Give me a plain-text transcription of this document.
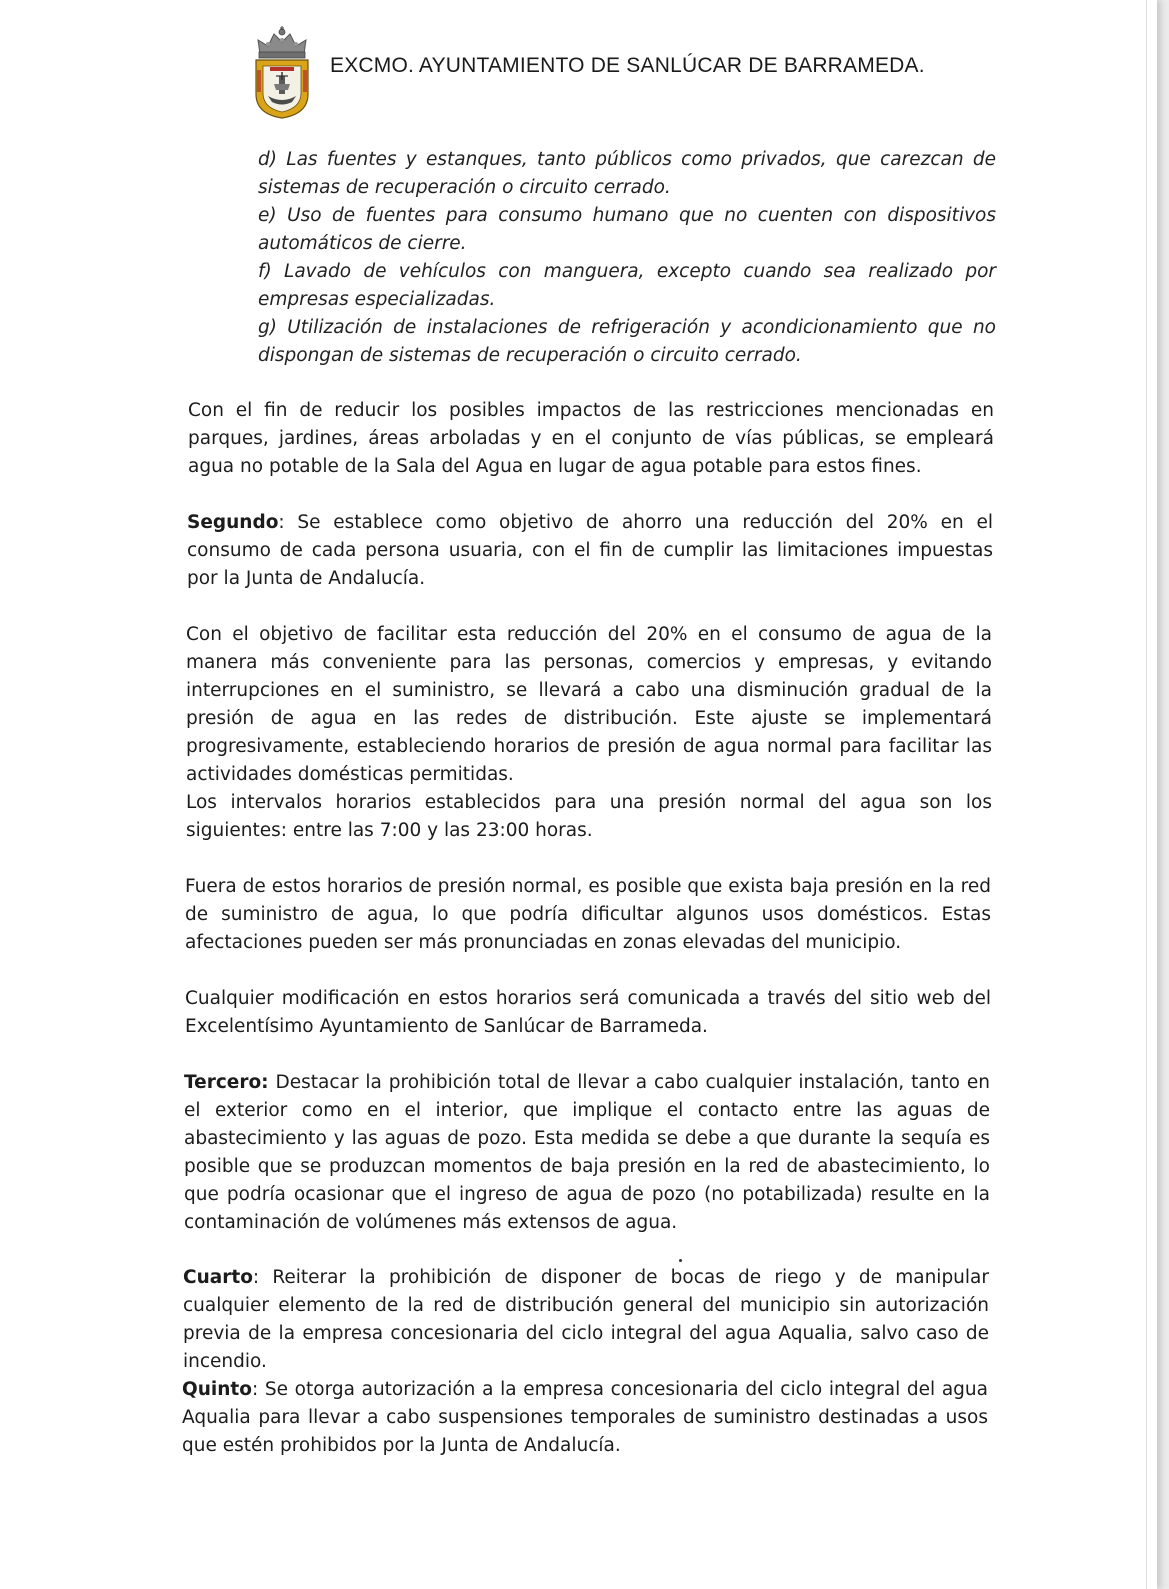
EXCMO. AYUNTAMIENTO DE SANLÚCAR DE BARRAMEDA.

d) Las fuentes y estanques, tanto públicos como privados, que carezcan de sistemas de recuperación o circuito cerrado.

e) Uso de fuentes para consumo humano que no cuenten con dispositivos automáticos de cierre.

f) Lavado de vehículos con manguera, excepto cuando sea realizado por empresas especializadas.

g) Utilización de instalaciones de refrigeración y acondicionamiento que no dispongan de sistemas de recuperación o circuito cerrado.

Con el fin de reducir los posibles impactos de las restricciones mencionadas en parques, jardines, áreas arboladas y en el conjunto de vías públicas, se empleará agua no potable de la Sala del Agua en lugar de agua potable para estos fines.

Segundo: Se establece como objetivo de ahorro una reducción del 20% en el consumo de cada persona usuaria, con el fin de cumplir las limitaciones impuestas por la Junta de Andalucía.

Con el objetivo de facilitar esta reducción del 20% en el consumo de agua de la manera más conveniente para las personas, comercios y empresas, y evitando interrupciones en el suministro, se llevará a cabo una disminución gradual de la presión de agua en las redes de distribución. Este ajuste se implementará progresivamente, estableciendo horarios de presión de agua normal para facilitar las actividades domésticas permitidas.

Los intervalos horarios establecidos para una presión normal del agua son los siguientes: entre las 7:00 y las 23:00 horas.

Fuera de estos horarios de presión normal, es posible que exista baja presión en la red de suministro de agua, lo que podría dificultar algunos usos domésticos. Estas afectaciones pueden ser más pronunciadas en zonas elevadas del municipio.

Cualquier modificación en estos horarios será comunicada a través del sitio web del Excelentísimo Ayuntamiento de Sanlúcar de Barrameda.

Tercero: Destacar la prohibición total de llevar a cabo cualquier instalación, tanto en el exterior como en el interior, que implique el contacto entre las aguas de abastecimiento y las aguas de pozo. Esta medida se debe a que durante la sequía es posible que se produzcan momentos de baja presión en la red de abastecimiento, lo que podría ocasionar que el ingreso de agua de pozo (no potabilizada) resulte en la contaminación de volúmenes más extensos de agua.

Cuarto: Reiterar la prohibición de disponer de bocas de riego y de manipular cualquier elemento de la red de distribución general del municipio sin autorización previa de la empresa concesionaria del ciclo integral del agua Aqualia, salvo caso de incendio.

Quinto: Se otorga autorización a la empresa concesionaria del ciclo integral del agua Aqualia para llevar a cabo suspensiones temporales de suministro destinadas a usos que estén prohibidos por la Junta de Andalucía.
